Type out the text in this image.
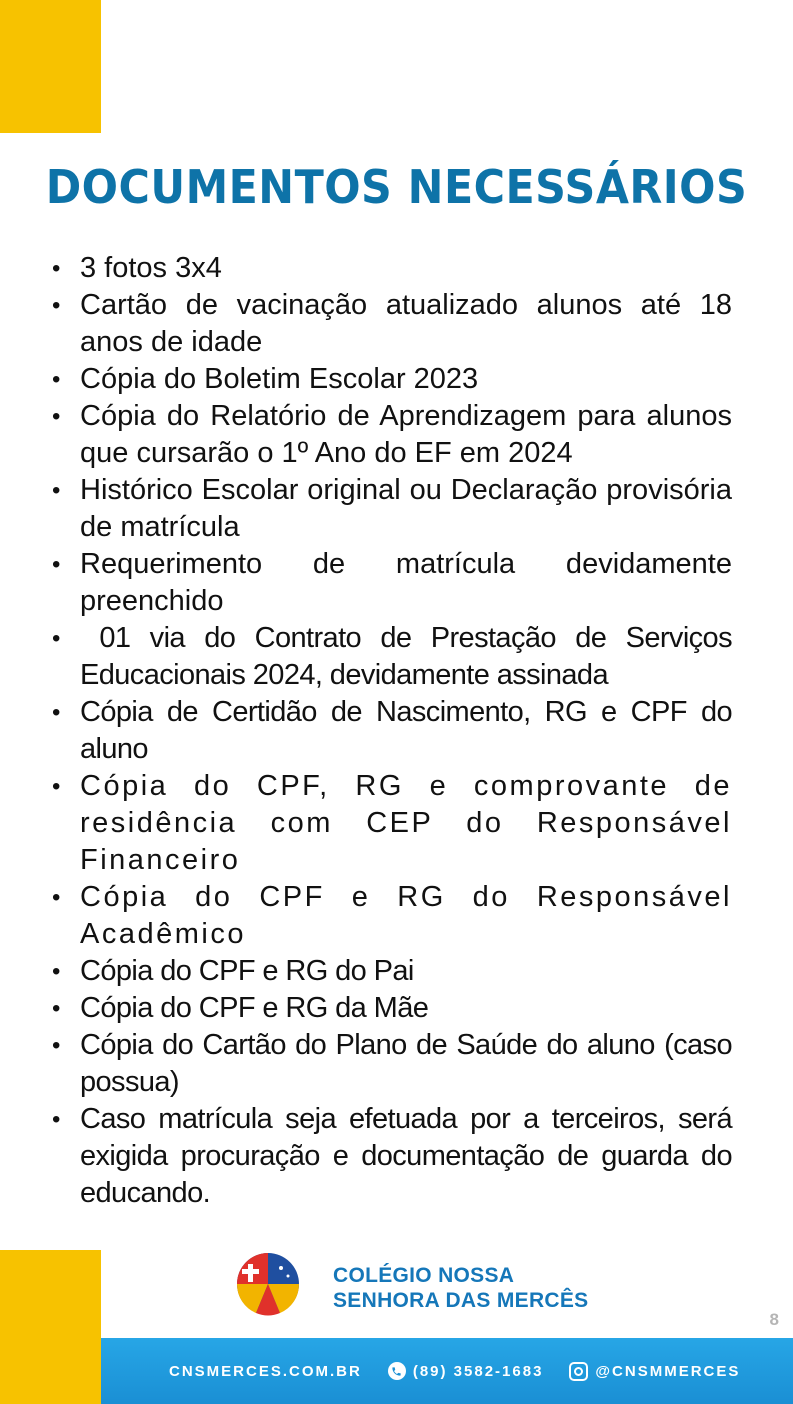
DOCUMENTOS NECESSÁRIOS
• 3 fotos 3x4
• Cartão de vacinação atualizado alunos até 18 anos de idade
• Cópia do Boletim Escolar 2023
• Cópia do Relatório de Aprendizagem para alunos que cursarão o 1º Ano do EF em 2024
• Histórico Escolar original ou Declaração provisória de matrícula
• Requerimento de matrícula devidamente preenchido
• 01 via do Contrato de Prestação de Serviços Educacionais 2024, devidamente assinada
• Cópia de Certidão de Nascimento, RG e CPF do aluno
• Cópia do CPF, RG e comprovante de residência com CEP do Responsável Financeiro
• Cópia do CPF e RG do Responsável Acadêmico
• Cópia do CPF e RG do Pai
• Cópia do CPF e RG da Mãe
• Cópia do Cartão do Plano de Saúde do aluno (caso possua)
• Caso matrícula seja efetuada por a terceiros, será exigida procuração e documentação de guarda do educando.
COLÉGIO NOSSA
SENHORA DAS MERCÊS
8
CNSMERCES.COM.BR	(89) 3582-1683	@CNSMMERCES
